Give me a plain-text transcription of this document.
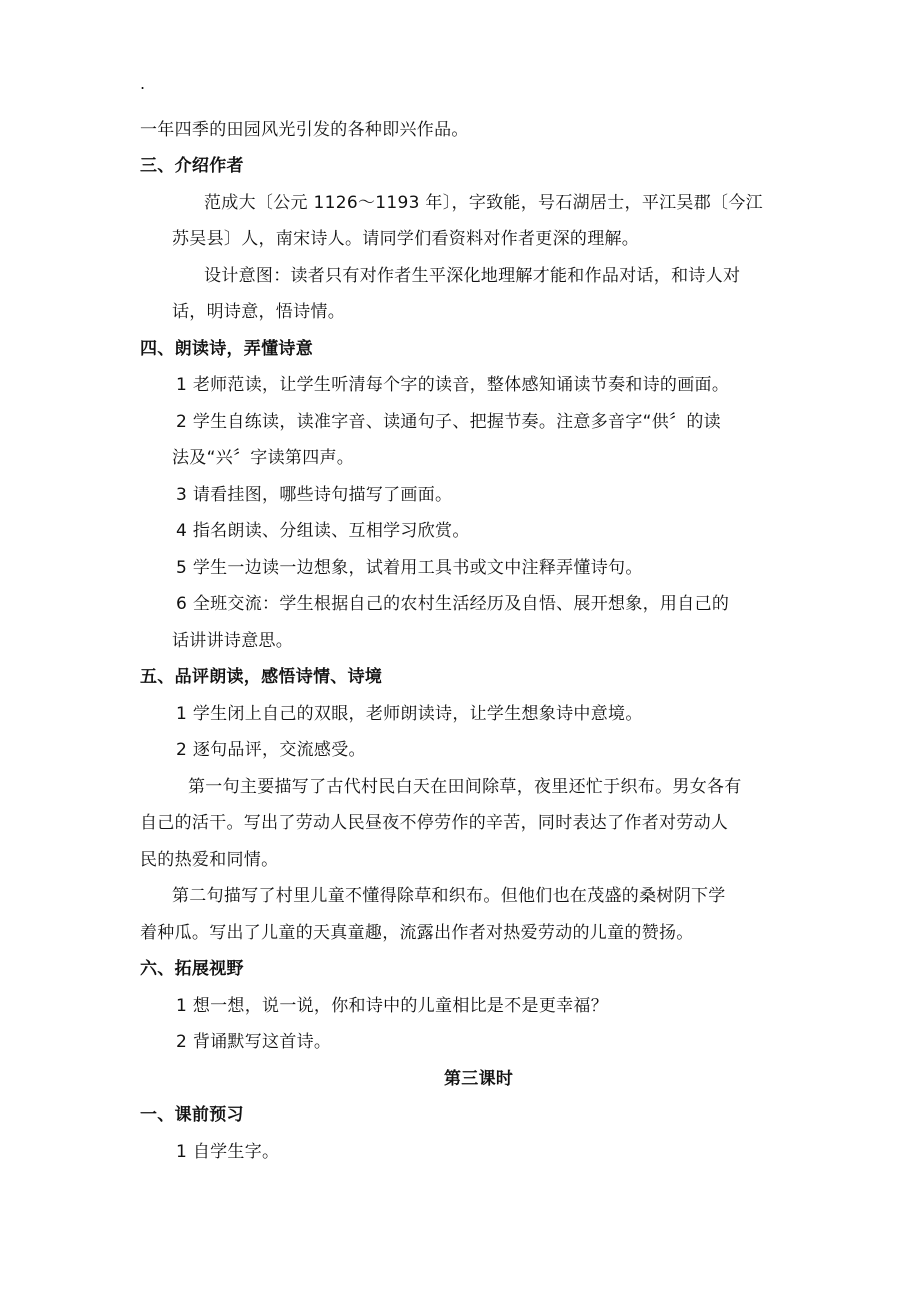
.
一年四季的田园风光引发的各种即兴作品。
三、介绍作者
范成大〔公元 1126～1193 年〕，字致能，号石湖居士，平江吴郡〔今江
苏吴县〕人，南宋诗人。请同学们看资料对作者更深的理解。
设计意图：读者只有对作者生平深化地理解才能和作品对话，和诗人对
话，明诗意，悟诗情。
四、朗读诗，弄懂诗意
1 老师范读，让学生听清每个字的读音，整体感知诵读节奏和诗的画面。
2 学生自练读，读准字音、读通句子、把握节奏。注意多音字“供〞的读
法及“兴〞字读第四声。
3 请看挂图，哪些诗句描写了画面。
4 指名朗读、分组读、互相学习欣赏。
5 学生一边读一边想象，试着用工具书或文中注释弄懂诗句。
6 全班交流：学生根据自己的农村生活经历及自悟、展开想象，用自己的
话讲讲诗意思。
五、品评朗读，感悟诗情、诗境
1 学生闭上自己的双眼，老师朗读诗，让学生想象诗中意境。
2 逐句品评，交流感受。
第一句主要描写了古代村民白天在田间除草，夜里还忙于织布。男女各有
自己的活干。写出了劳动人民昼夜不停劳作的辛苦，同时表达了作者对劳动人
民的热爱和同情。
第二句描写了村里儿童不懂得除草和织布。但他们也在茂盛的桑树阴下学
着种瓜。写出了儿童的天真童趣，流露出作者对热爱劳动的儿童的赞扬。
六、拓展视野
1 想一想，说一说，你和诗中的儿童相比是不是更幸福？
2 背诵默写这首诗。
第三课时
一、课前预习
1 自学生字。
